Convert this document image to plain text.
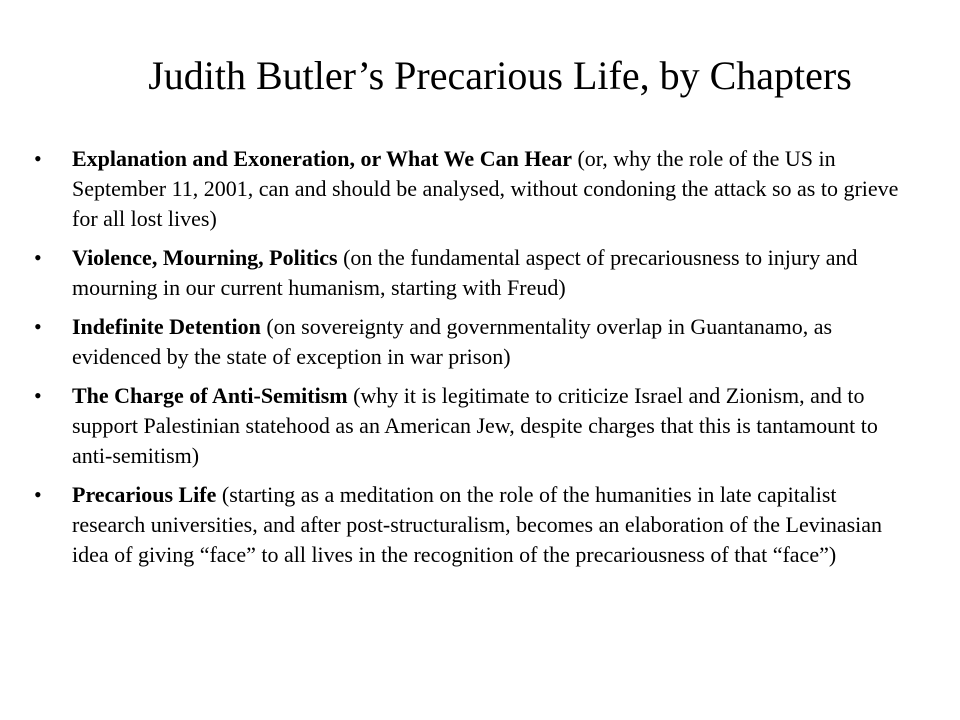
Judith Butler’s Precarious Life, by Chapters
•	Explanation and Exoneration, or What We Can Hear (or, why the role of the US in September 11, 2001, can and should be analysed, without condoning the attack so as to grieve for all lost lives)
•	Violence, Mourning, Politics (on the fundamental aspect of precariousness to injury and mourning in our current humanism, starting with Freud)
•	Indefinite Detention (on sovereignty and governmentality overlap in Guantanamo, as evidenced by the state of exception in war prison)
•	The Charge of Anti-Semitism (why it is legitimate to criticize Israel and Zionism, and to support Palestinian statehood as an American Jew, despite charges that this is tantamount to anti-semitism)
•	Precarious Life (starting as a meditation on the role of the humanities in late capitalist research universities, and after post-structuralism, becomes an elaboration of the Levinasian idea of giving “face” to all lives in the recognition of the precariousness of that “face”)
